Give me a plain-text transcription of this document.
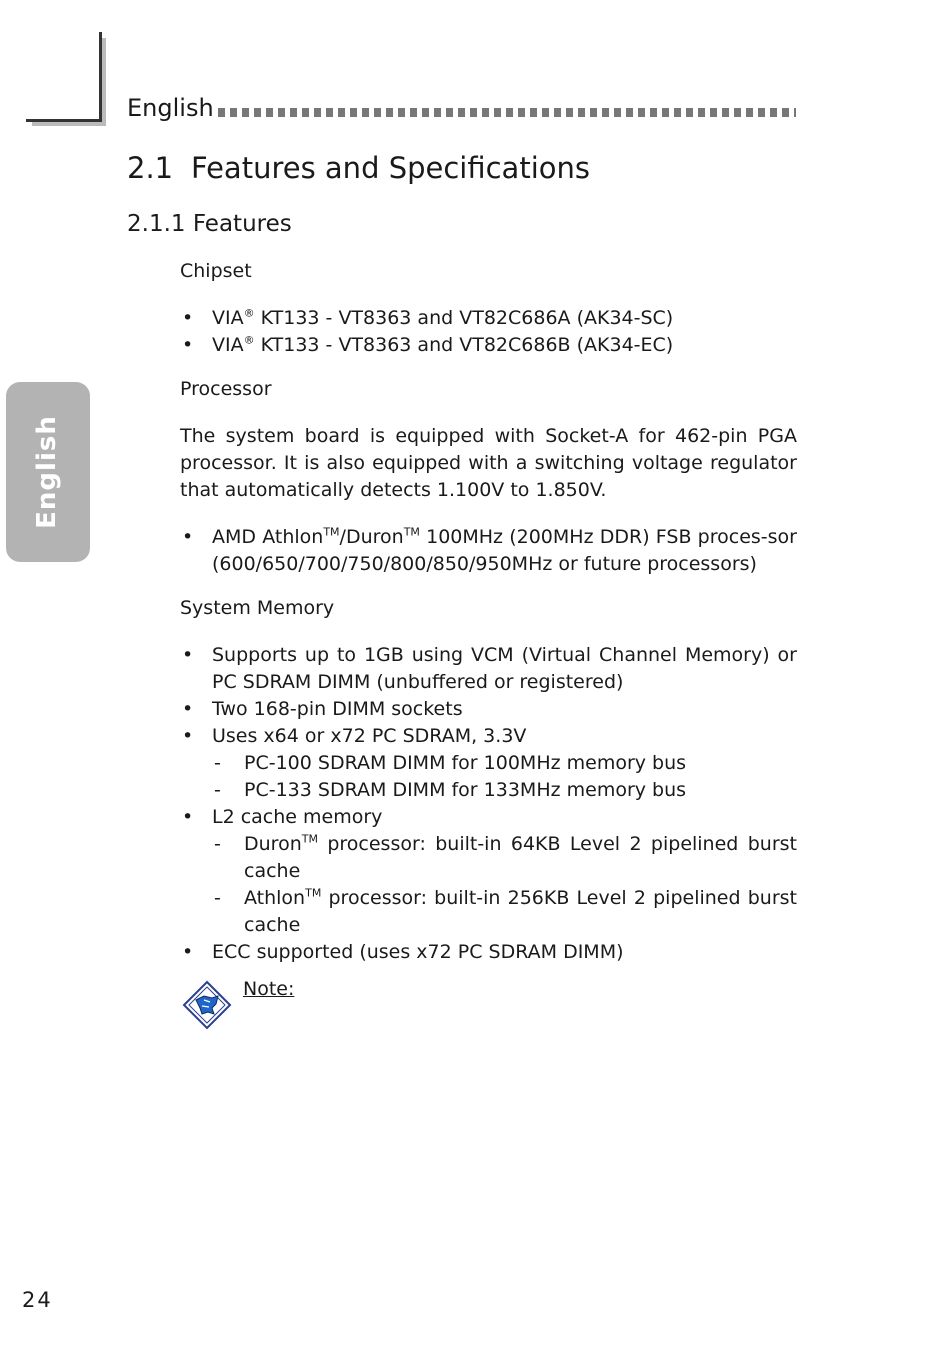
English
English
2.1 Features and Specifications
2.1.1 Features

Chipset

• VIA® KT133 - VT8363 and VT82C686A (AK34-SC)
• VIA® KT133 - VT8363 and VT82C686B (AK34-EC)

Processor

The system board is equipped with Socket-A for 462-pin PGA processor. It is also equipped with a switching voltage regulator that automatically detects 1.100V to 1.850V.

• AMD Athlon™/Duron™ 100MHz (200MHz DDR) FSB proces-sor (600/650/700/750/800/850/950MHz or future processors)

System Memory

• Supports up to 1GB using VCM (Virtual Channel Memory) or PC SDRAM DIMM (unbuffered or registered)
• Two 168-pin DIMM sockets
• Uses x64 or x72 PC SDRAM, 3.3V
- PC-100 SDRAM DIMM for 100MHz memory bus
- PC-133 SDRAM DIMM for 133MHz memory bus
• L2 cache memory
- Duron™ processor: built-in 64KB Level 2 pipelined burst cache
- Athlon™ processor: built-in 256KB Level 2 pipelined burst cache
• ECC supported (uses x72 PC SDRAM DIMM)
Note:
24
